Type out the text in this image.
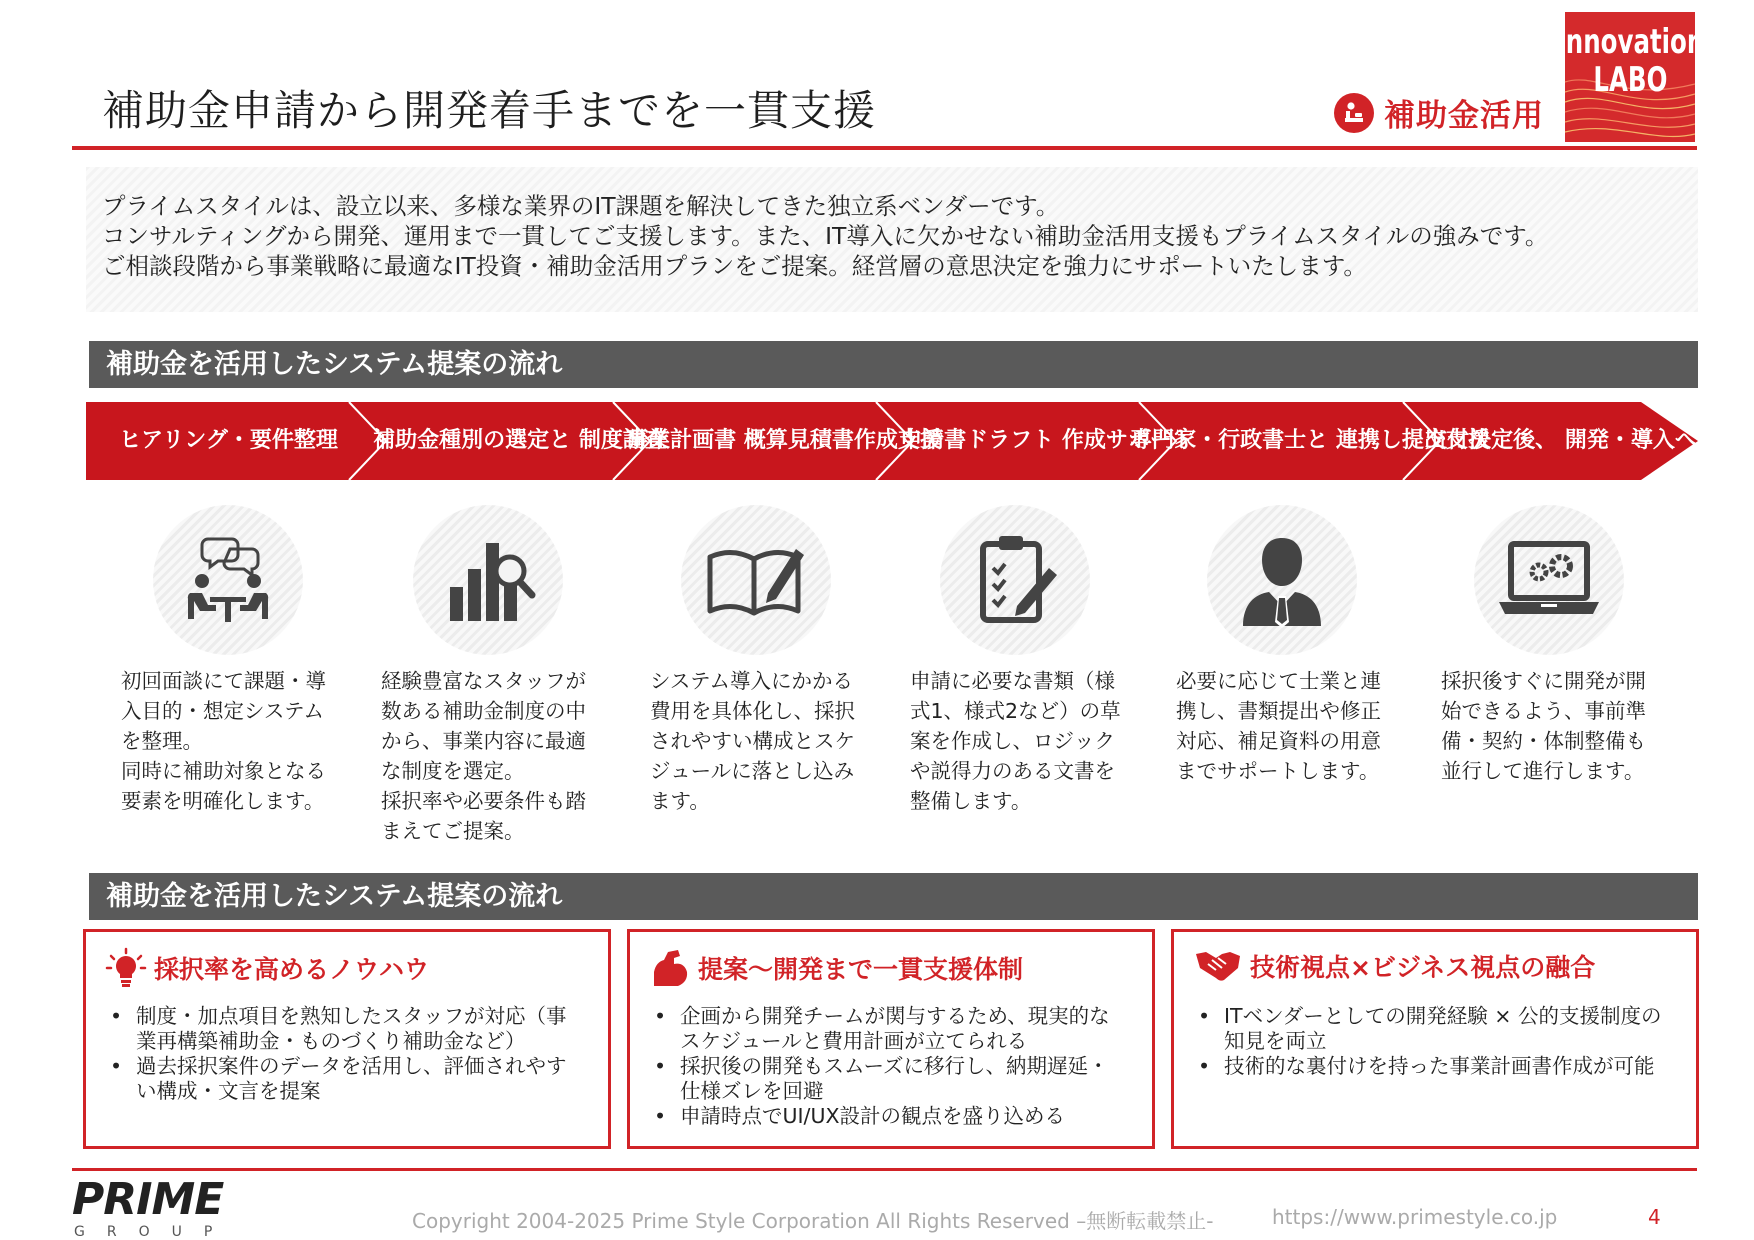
補助金申請から開発着手までを一貫支援	補助金活用
Innovation
LABO
プライムスタイルは、設立以来、多様な業界のIT課題を解決してきた独立系ベンダーです。
コンサルティングから開発、運用まで一貫してご支援します。また、IT導入に欠かせない補助金活用支援もプライムスタイルの強みです。
ご相談段階から事業戦略に最適なIT投資・補助金活用プランをご提案。経営層の意思決定を強力にサポートいたします。
補助金を活用したシステム提案の流れ
ヒアリング・要件整理	補助金種別の選定と 制度調査
事業計画書 概算見積書作成支援
申請書ドラフト 作成サポート
専門家・行政書士と 連携し提出支援
交付決定後、 開発・導入へ
初回面談にて課題・導
入目的・想定システム
を整理。
同時に補助対象となる
要素を明確化します。
経験豊富なスタッフが
数ある補助金制度の中
から、事業内容に最適
な制度を選定。
採択率や必要条件も踏
まえてご提案。
システム導入にかかる
費用を具体化し、採択
されやすい構成とスケ
ジュールに落とし込み
ます。
申請に必要な書類（様
式1、様式2など）の草
案を作成し、ロジック
や説得力のある文書を
整備します。
必要に応じて士業と連
携し、書類提出や修正
対応、補足資料の用意
までサポートします。
採択後すぐに開発が開
始できるよう、事前準
備・契約・体制整備も
並行して進行します。
補助金を活用したシステム提案の流れ
採択率を高めるノウハウ
• 制度・加点項目を熟知したスタッフが対応（事
業再構築補助金・ものづくり補助金など）
• 過去採択案件のデータを活用し、評価されやす
い構成・文言を提案
提案〜開発まで一貫支援体制
• 企画から開発チームが関与するため、現実的な
スケジュールと費用計画が立てられる
• 採択後の開発もスムーズに移行し、納期遅延・
仕様ズレを回避
• 申請時点でUI/UX設計の観点を盛り込める
技術視点×ビジネス視点の融合
• ITベンダーとしての開発経験 × 公的支援制度の
知見を両立
• 技術的な裏付けを持った事業計画書作成が可能
PRIME
GROUP	Copyright 2004-2025 Prime Style Corporation All Rights Reserved –無断転載禁止-	https://www.primestyle.co.jp	4
